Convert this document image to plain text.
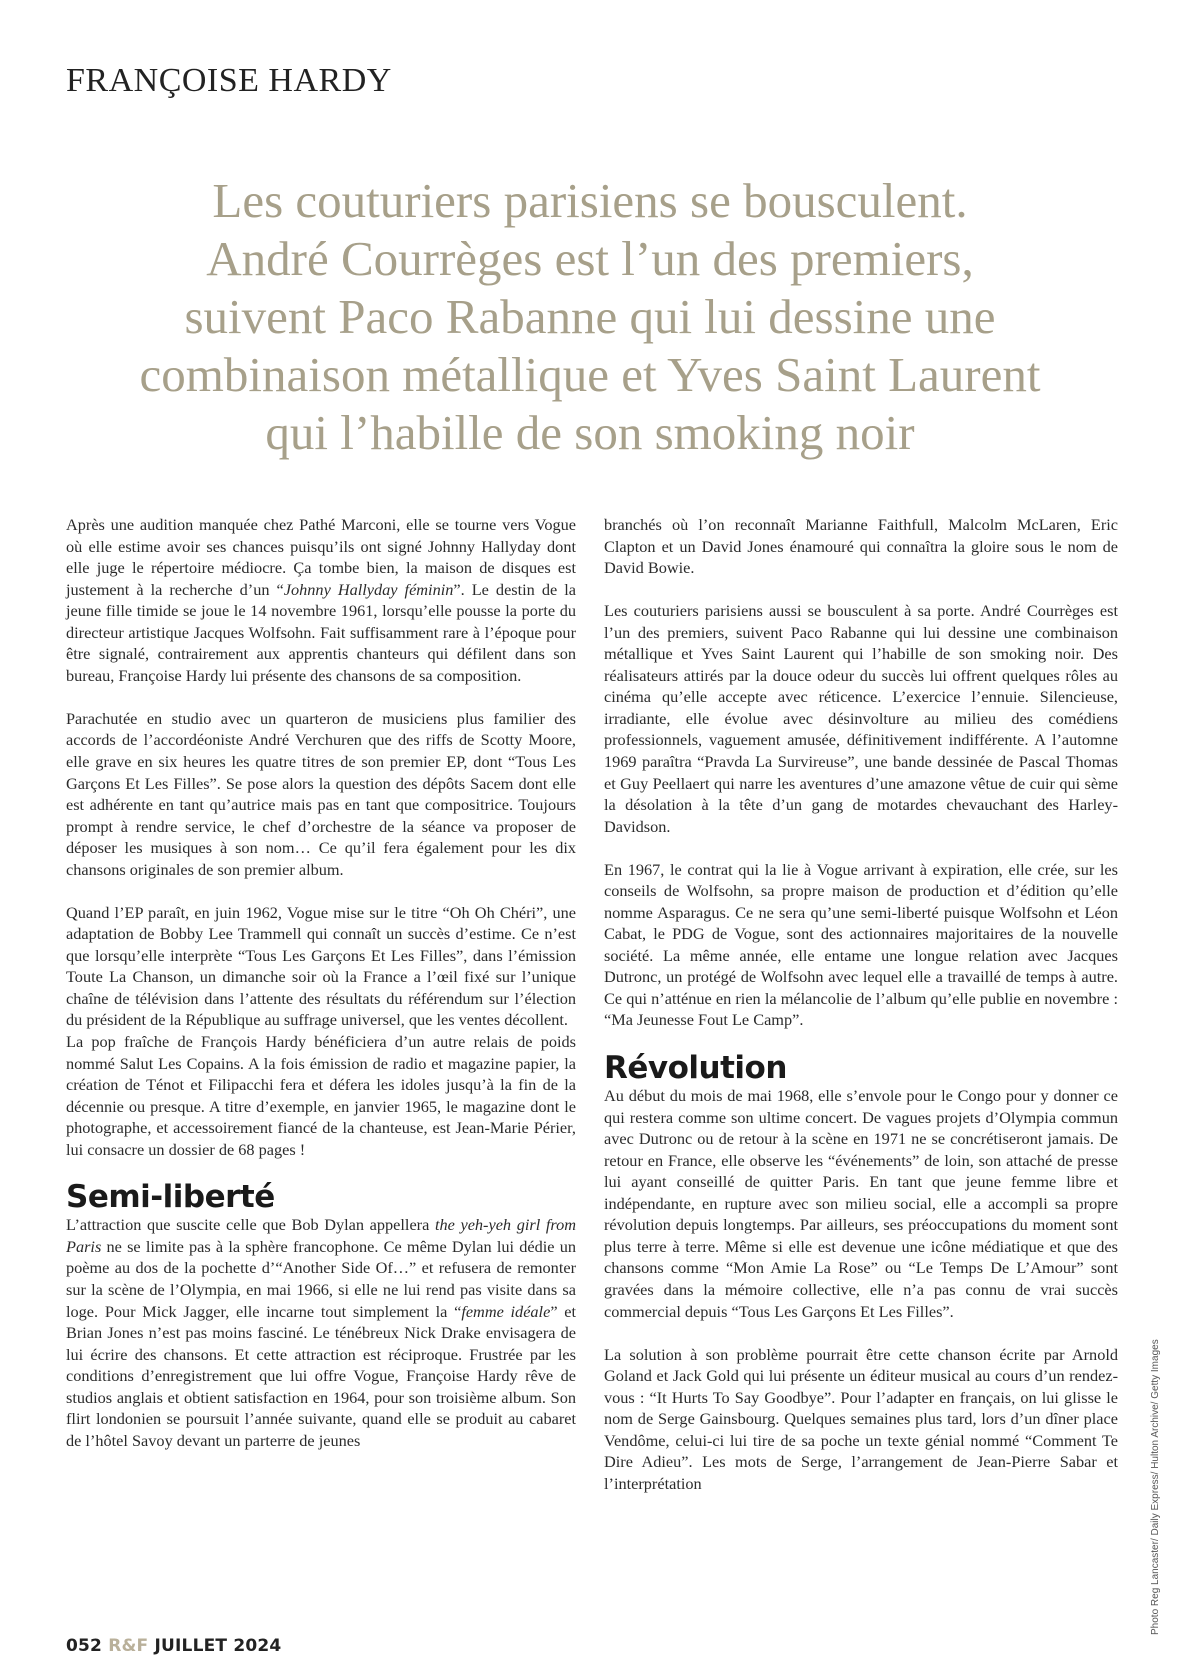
FRANÇOISE HARDY
Les couturiers parisiens se bousculent.
André Courrèges est l’un des premiers,
suivent Paco Rabanne qui lui dessine une
combinaison métallique et Yves Saint Laurent
qui l’habille de son smoking noir

Après une audition manquée chez Pathé Marconi, elle se tourne vers Vogue où elle estime avoir ses chances puisqu’ils ont signé Johnny Hallyday dont elle juge le répertoire médiocre. Ça tombe bien, la maison de disques est justement à la recherche d’un “Johnny Hallyday féminin”. Le destin de la jeune fille timide se joue le 14 novembre 1961, lorsqu’elle pousse la porte du directeur artistique Jacques Wolfsohn. Fait suffisamment rare à l’époque pour être signalé, contrairement aux apprentis chanteurs qui défilent dans son bureau, Françoise Hardy lui présente des chansons de sa composition.

Parachutée en studio avec un quarteron de musiciens plus familier des accords de l’accordéoniste André Verchuren que des riffs de Scotty Moore, elle grave en six heures les quatre titres de son premier EP, dont “Tous Les Garçons Et Les Filles”. Se pose alors la question des dépôts Sacem dont elle est adhérente en tant qu’autrice mais pas en tant que compositrice. Toujours prompt à rendre service, le chef d’orchestre de la séance va proposer de déposer les musiques à son nom… Ce qu’il fera également pour les dix chansons originales de son premier album.

Quand l’EP paraît, en juin 1962, Vogue mise sur le titre “Oh Oh Chéri”, une adaptation de Bobby Lee Trammell qui connaît un succès d’estime. Ce n’est que lorsqu’elle interprète “Tous Les Garçons Et Les Filles”, dans l’émission Toute La Chanson, un dimanche soir où la France a l’œil fixé sur l’unique chaîne de télévision dans l’attente des résultats du référendum sur l’élection du président de la République au suffrage universel, que les ventes décollent.

La pop fraîche de François Hardy bénéficiera d’un autre relais de poids nommé Salut Les Copains. A la fois émission de radio et magazine papier, la création de Ténot et Filipacchi fera et défera les idoles jusqu’à la fin de la décennie ou presque. A titre d’exemple, en janvier 1965, le magazine dont le photographe, et accessoirement fiancé de la chanteuse, est Jean-Marie Périer, lui consacre un dossier de 68 pages !

Semi-liberté

L’attraction que suscite celle que Bob Dylan appellera the yeh-yeh girl from Paris ne se limite pas à la sphère francophone. Ce même Dylan lui dédie un poème au dos de la pochette d’“Another Side Of…” et refusera de remonter sur la scène de l’Olympia, en mai 1966, si elle ne lui rend pas visite dans sa loge. Pour Mick Jagger, elle incarne tout simplement la “femme idéale” et Brian Jones n’est pas moins fasciné. Le ténébreux Nick Drake envisagera de lui écrire des chansons. Et cette attraction est réciproque. Frustrée par les conditions d’enregistrement que lui offre Vogue, Françoise Hardy rêve de studios anglais et obtient satisfaction en 1964, pour son troisième album. Son flirt londonien se poursuit l’année suivante, quand elle se produit au cabaret de l’hôtel Savoy devant un parterre de jeunes

branchés où l’on reconnaît Marianne Faithfull, Malcolm McLaren, Eric Clapton et un David Jones énamouré qui connaîtra la gloire sous le nom de David Bowie.

Les couturiers parisiens aussi se bousculent à sa porte. André Courrèges est l’un des premiers, suivent Paco Rabanne qui lui dessine une combinaison métallique et Yves Saint Laurent qui l’habille de son smoking noir. Des réalisateurs attirés par la douce odeur du succès lui offrent quelques rôles au cinéma qu’elle accepte avec réticence. L’exercice l’ennuie. Silencieuse, irradiante, elle évolue avec désinvolture au milieu des comédiens professionnels, vaguement amusée, définitivement indifférente. A l’automne 1969 paraîtra “Pravda La Survireuse”, une bande dessinée de Pascal Thomas et Guy Peellaert qui narre les aventures d’une amazone vêtue de cuir qui sème la désolation à la tête d’un gang de motardes chevauchant des Harley-Davidson.

En 1967, le contrat qui la lie à Vogue arrivant à expiration, elle crée, sur les conseils de Wolfsohn, sa propre maison de production et d’édition qu’elle nomme Asparagus. Ce ne sera qu’une semi-liberté puisque Wolfsohn et Léon Cabat, le PDG de Vogue, sont des actionnaires majoritaires de la nouvelle société. La même année, elle entame une longue relation avec Jacques Dutronc, un protégé de Wolfsohn avec lequel elle a travaillé de temps à autre. Ce qui n’atténue en rien la mélancolie de l’album qu’elle publie en novembre : “Ma Jeunesse Fout Le Camp”.

Révolution

Au début du mois de mai 1968, elle s’envole pour le Congo pour y donner ce qui restera comme son ultime concert. De vagues projets d’Olympia commun avec Dutronc ou de retour à la scène en 1971 ne se concrétiseront jamais. De retour en France, elle observe les “événements” de loin, son attaché de presse lui ayant conseillé de quitter Paris. En tant que jeune femme libre et indépendante, en rupture avec son milieu social, elle a accompli sa propre révolution depuis longtemps. Par ailleurs, ses préoccupations du moment sont plus terre à terre. Même si elle est devenue une icône médiatique et que des chansons comme “Mon Amie La Rose” ou “Le Temps De L’Amour” sont gravées dans la mémoire collective, elle n’a pas connu de vrai succès commercial depuis “Tous Les Garçons Et Les Filles”.

La solution à son problème pourrait être cette chanson écrite par Arnold Goland et Jack Gold qui lui présente un éditeur musical au cours d’un rendez-vous : “It Hurts To Say Goodbye”. Pour l’adapter en français, on lui glisse le nom de Serge Gainsbourg. Quelques semaines plus tard, lors d’un dîner place Vendôme, celui-ci lui tire de sa poche un texte génial nommé “Comment Te Dire Adieu”. Les mots de Serge, l’arrangement de Jean-Pierre Sabar et l’interprétation	Photo Reg Lancaster/ Daily Express/ Hulton Archive/ Getty Images
052 R&F JUILLET 2024
